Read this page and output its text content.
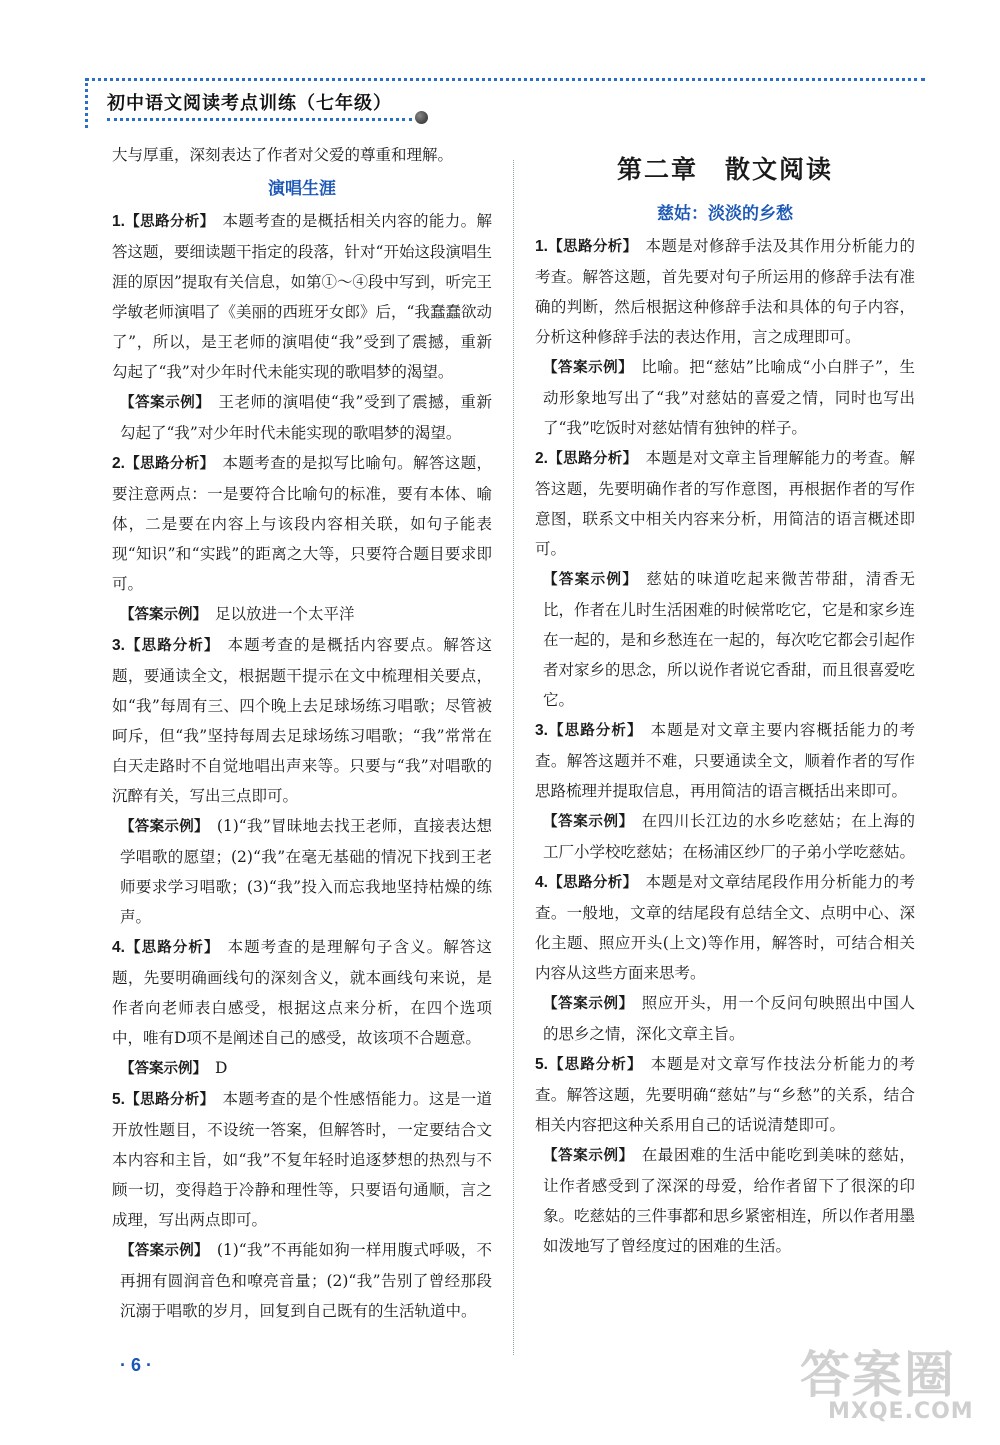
初中语文阅读考点训练（七年级）
大与厚重，深刻表达了作者对父爱的尊重和理解。
演唱生涯
1.【思路分析】 本题考查的是概括相关内容的能力。解答这题，要细读题干指定的段落，针对“开始这段演唱生涯的原因”提取有关信息，如第①～④段中写到，听完王学敏老师演唱了《美丽的西班牙女郎》后，“我蠢蠢欲动了”，所以，是王老师的演唱使“我”受到了震撼，重新勾起了“我”对少年时代未能实现的歌唱梦的渴望。
【答案示例】 王老师的演唱使“我”受到了震撼，重新勾起了“我”对少年时代未能实现的歌唱梦的渴望。
2.【思路分析】 本题考查的是拟写比喻句。解答这题，要注意两点：一是要符合比喻句的标准，要有本体、喻体，二是要在内容上与该段内容相关联，如句子能表现“知识”和“实践”的距离之大等，只要符合题目要求即可。
【答案示例】 足以放进一个太平洋
3.【思路分析】 本题考查的是概括内容要点。解答这题，要通读全文，根据题干提示在文中梳理相关要点，如“我”每周有三、四个晚上去足球场练习唱歌；尽管被呵斥，但“我”坚持每周去足球场练习唱歌；“我”常常在白天走路时不自觉地唱出声来等。只要与“我”对唱歌的沉醉有关，写出三点即可。
【答案示例】 (1)“我”冒昧地去找王老师，直接表达想学唱歌的愿望；(2)“我”在毫无基础的情况下找到王老师要求学习唱歌；(3)“我”投入而忘我地坚持枯燥的练声。
4.【思路分析】 本题考查的是理解句子含义。解答这题，先要明确画线句的深刻含义，就本画线句来说，是作者向老师表白感受，根据这点来分析，在四个选项中，唯有D项不是阐述自己的感受，故该项不合题意。
【答案示例】 D
5.【思路分析】 本题考查的是个性感悟能力。这是一道开放性题目，不设统一答案，但解答时，一定要结合文本内容和主旨，如“我”不复年轻时追逐梦想的热烈与不顾一切，变得趋于冷静和理性等，只要语句通顺，言之成理，写出两点即可。
【答案示例】 (1)“我”不再能如狗一样用腹式呼吸，不再拥有圆润音色和嘹亮音量；(2)“我”告别了曾经那段沉溺于唱歌的岁月，回复到自己既有的生活轨道中。
第二章　散文阅读
慈姑：淡淡的乡愁
1.【思路分析】 本题是对修辞手法及其作用分析能力的考查。解答这题，首先要对句子所运用的修辞手法有准确的判断，然后根据这种修辞手法和具体的句子内容，分析这种修辞手法的表达作用，言之成理即可。
【答案示例】 比喻。把“慈姑”比喻成“小白胖子”，生动形象地写出了“我”对慈姑的喜爱之情，同时也写出了“我”吃饭时对慈姑情有独钟的样子。
2.【思路分析】 本题是对文章主旨理解能力的考查。解答这题，先要明确作者的写作意图，再根据作者的写作意图，联系文中相关内容来分析，用简洁的语言概述即可。
【答案示例】 慈姑的味道吃起来微苦带甜，清香无比，作者在儿时生活困难的时候常吃它，它是和家乡连在一起的，是和乡愁连在一起的，每次吃它都会引起作者对家乡的思念，所以说作者说它香甜，而且很喜爱吃它。
3.【思路分析】 本题是对文章主要内容概括能力的考查。解答这题并不难，只要通读全文，顺着作者的写作思路梳理并提取信息，再用简洁的语言概括出来即可。
【答案示例】 在四川长江边的水乡吃慈姑；在上海的工厂小学校吃慈姑；在杨浦区纱厂的子弟小学吃慈姑。
4.【思路分析】 本题是对文章结尾段作用分析能力的考查。一般地，文章的结尾段有总结全文、点明中心、深化主题、照应开头(上文)等作用，解答时，可结合相关内容从这些方面来思考。
【答案示例】 照应开头，用一个反问句映照出中国人的思乡之情，深化文章主旨。
5.【思路分析】 本题是对文章写作技法分析能力的考查。解答这题，先要明确“慈姑”与“乡愁”的关系，结合相关内容把这种关系用自己的话说清楚即可。
【答案示例】 在最困难的生活中能吃到美味的慈姑，让作者感受到了深深的母爱，给作者留下了很深的印象。吃慈姑的三件事都和思乡紧密相连，所以作者用墨如泼地写了曾经度过的困难的生活。
· 6 ·	答案圈
MXQE.COM
